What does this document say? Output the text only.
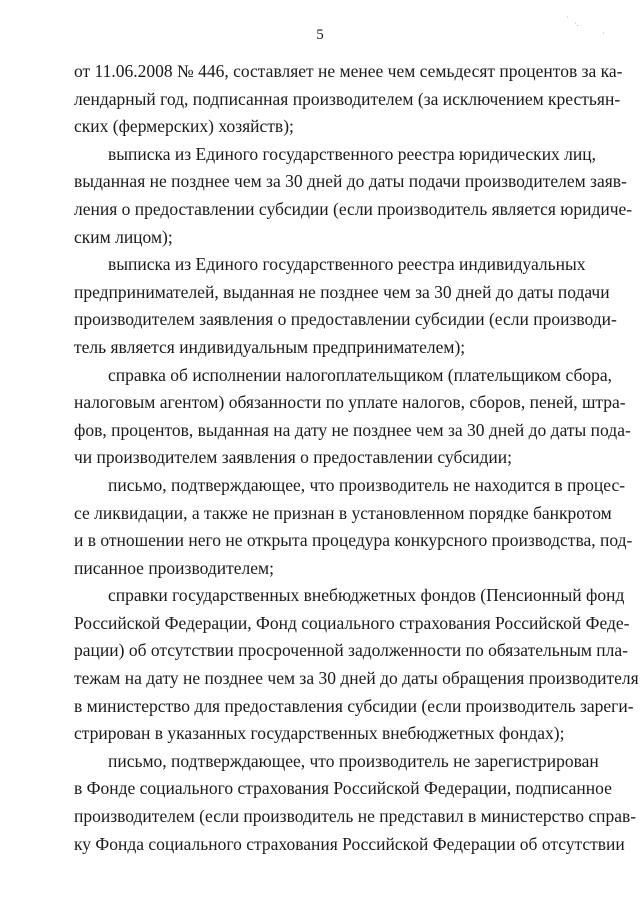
5
·
·.
·
от 11.06.2008 № 446, составляет не менее чем семьдесят процентов за ка-
лендарный год, подписанная производителем (за исключением крестьян-
ских (фермерских) хозяйств);
выписка из Единого государственного реестра юридических лиц,
выданная не позднее чем за 30 дней до даты подачи производителем заяв-
ления о предоставлении субсидии (если производитель является юридиче-
ским лицом);
выписка из Единого государственного реестра индивидуальных
предпринимателей, выданная не позднее чем за 30 дней до даты подачи
производителем заявления о предоставлении субсидии (если производи-
тель является индивидуальным предпринимателем);
справка об исполнении налогоплательщиком (плательщиком сбора,
налоговым агентом) обязанности по уплате налогов, сборов, пеней, штра-
фов, процентов, выданная на дату не позднее чем за 30 дней до даты пода-
чи производителем заявления о предоставлении субсидии;
письмо, подтверждающее, что производитель не находится в процес-
се ликвидации, а также не признан в установленном порядке банкротом
и в отношении него не открыта процедура конкурсного производства, под-
писанное производителем;
справки государственных внебюджетных фондов (Пенсионный фонд
Российской Федерации, Фонд социального страхования Российской Феде-
рации) об отсутствии просроченной задолженности по обязательным пла-
тежам на дату не позднее чем за 30 дней до даты обращения производителя
в министерство для предоставления субсидии (если производитель зареги-
стрирован в указанных государственных внебюджетных фондах);
письмо, подтверждающее, что производитель не зарегистрирован
в Фонде социального страхования Российской Федерации, подписанное
производителем (если производитель не представил в министерство справ-
ку Фонда социального страхования Российской Федерации об отсутствии
